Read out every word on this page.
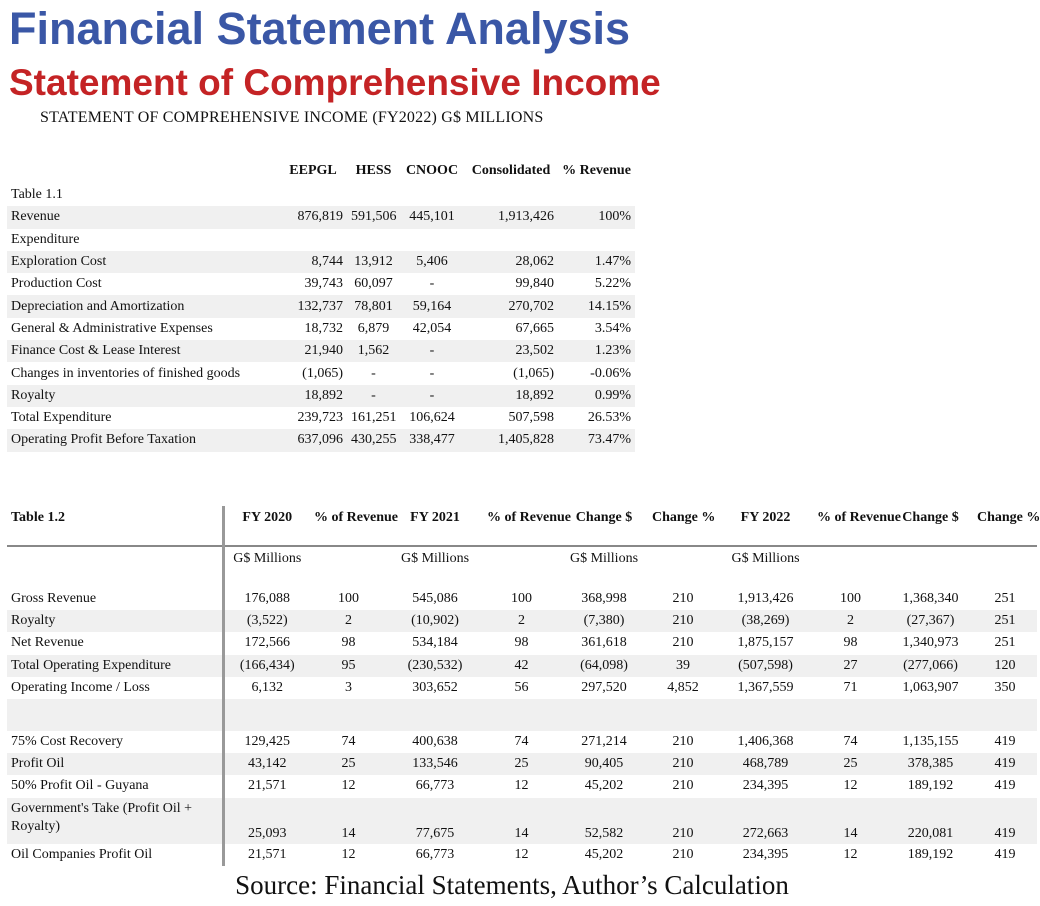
Financial Statement Analysis
Statement of Comprehensive Income
STATEMENT OF COMPREHENSIVE INCOME (FY2022) G$ MILLIONS
	EEPGL	HESS	CNOOC	Consolidated	% Revenue
Table 1.1					
Revenue	876,819	591,506	445,101	1,913,426	100%
Expenditure					
Exploration Cost	8,744	13,912	5,406	28,062	1.47%
Production Cost	39,743	60,097	-	99,840	5.22%
Depreciation and Amortization	132,737	78,801	59,164	270,702	14.15%
General & Administrative Expenses	18,732	6,879	42,054	67,665	3.54%
Finance Cost & Lease Interest	21,940	1,562	-	23,502	1.23%
Changes in inventories of finished goods	(1,065)	-	-	(1,065)	-0.06%
Royalty	18,892	-	-	18,892	0.99%
Total Expenditure	239,723	161,251	106,624	507,598	26.53%
Operating Profit Before Taxation	637,096	430,255	338,477	1,405,828	73.47%
Table 1.2	FY 2020	% of Revenue	FY 2021	% of Revenue	Change $	Change %	FY 2022	% of Revenue	Change $	Change %
	G$ Millions		G$ Millions		G$ Millions		G$ Millions			
Gross Revenue	176,088	100	545,086	100	368,998	210	1,913,426	100	1,368,340	251
Royalty	(3,522)	2	(10,902)	2	(7,380)	210	(38,269)	2	(27,367)	251
Net Revenue	172,566	98	534,184	98	361,618	210	1,875,157	98	1,340,973	251
Total Operating Expenditure	(166,434)	95	(230,532)	42	(64,098)	39	(507,598)	27	(277,066)	120
Operating Income / Loss	6,132	3	303,652	56	297,520	4,852	1,367,559	71	1,063,907	350

75% Cost Recovery	129,425	74	400,638	74	271,214	210	1,406,368	74	1,135,155	419
Profit Oil	43,142	25	133,546	25	90,405	210	468,789	25	378,385	419
50% Profit Oil - Guyana	21,571	12	66,773	12	45,202	210	234,395	12	189,192	419
Government's Take (Profit Oil + Royalty)	25,093	14	77,675	14	52,582	210	272,663	14	220,081	419
Oil Companies Profit Oil	21,571	12	66,773	12	45,202	210	234,395	12	189,192	419
Source: Financial Statements, Author’s Calculation
